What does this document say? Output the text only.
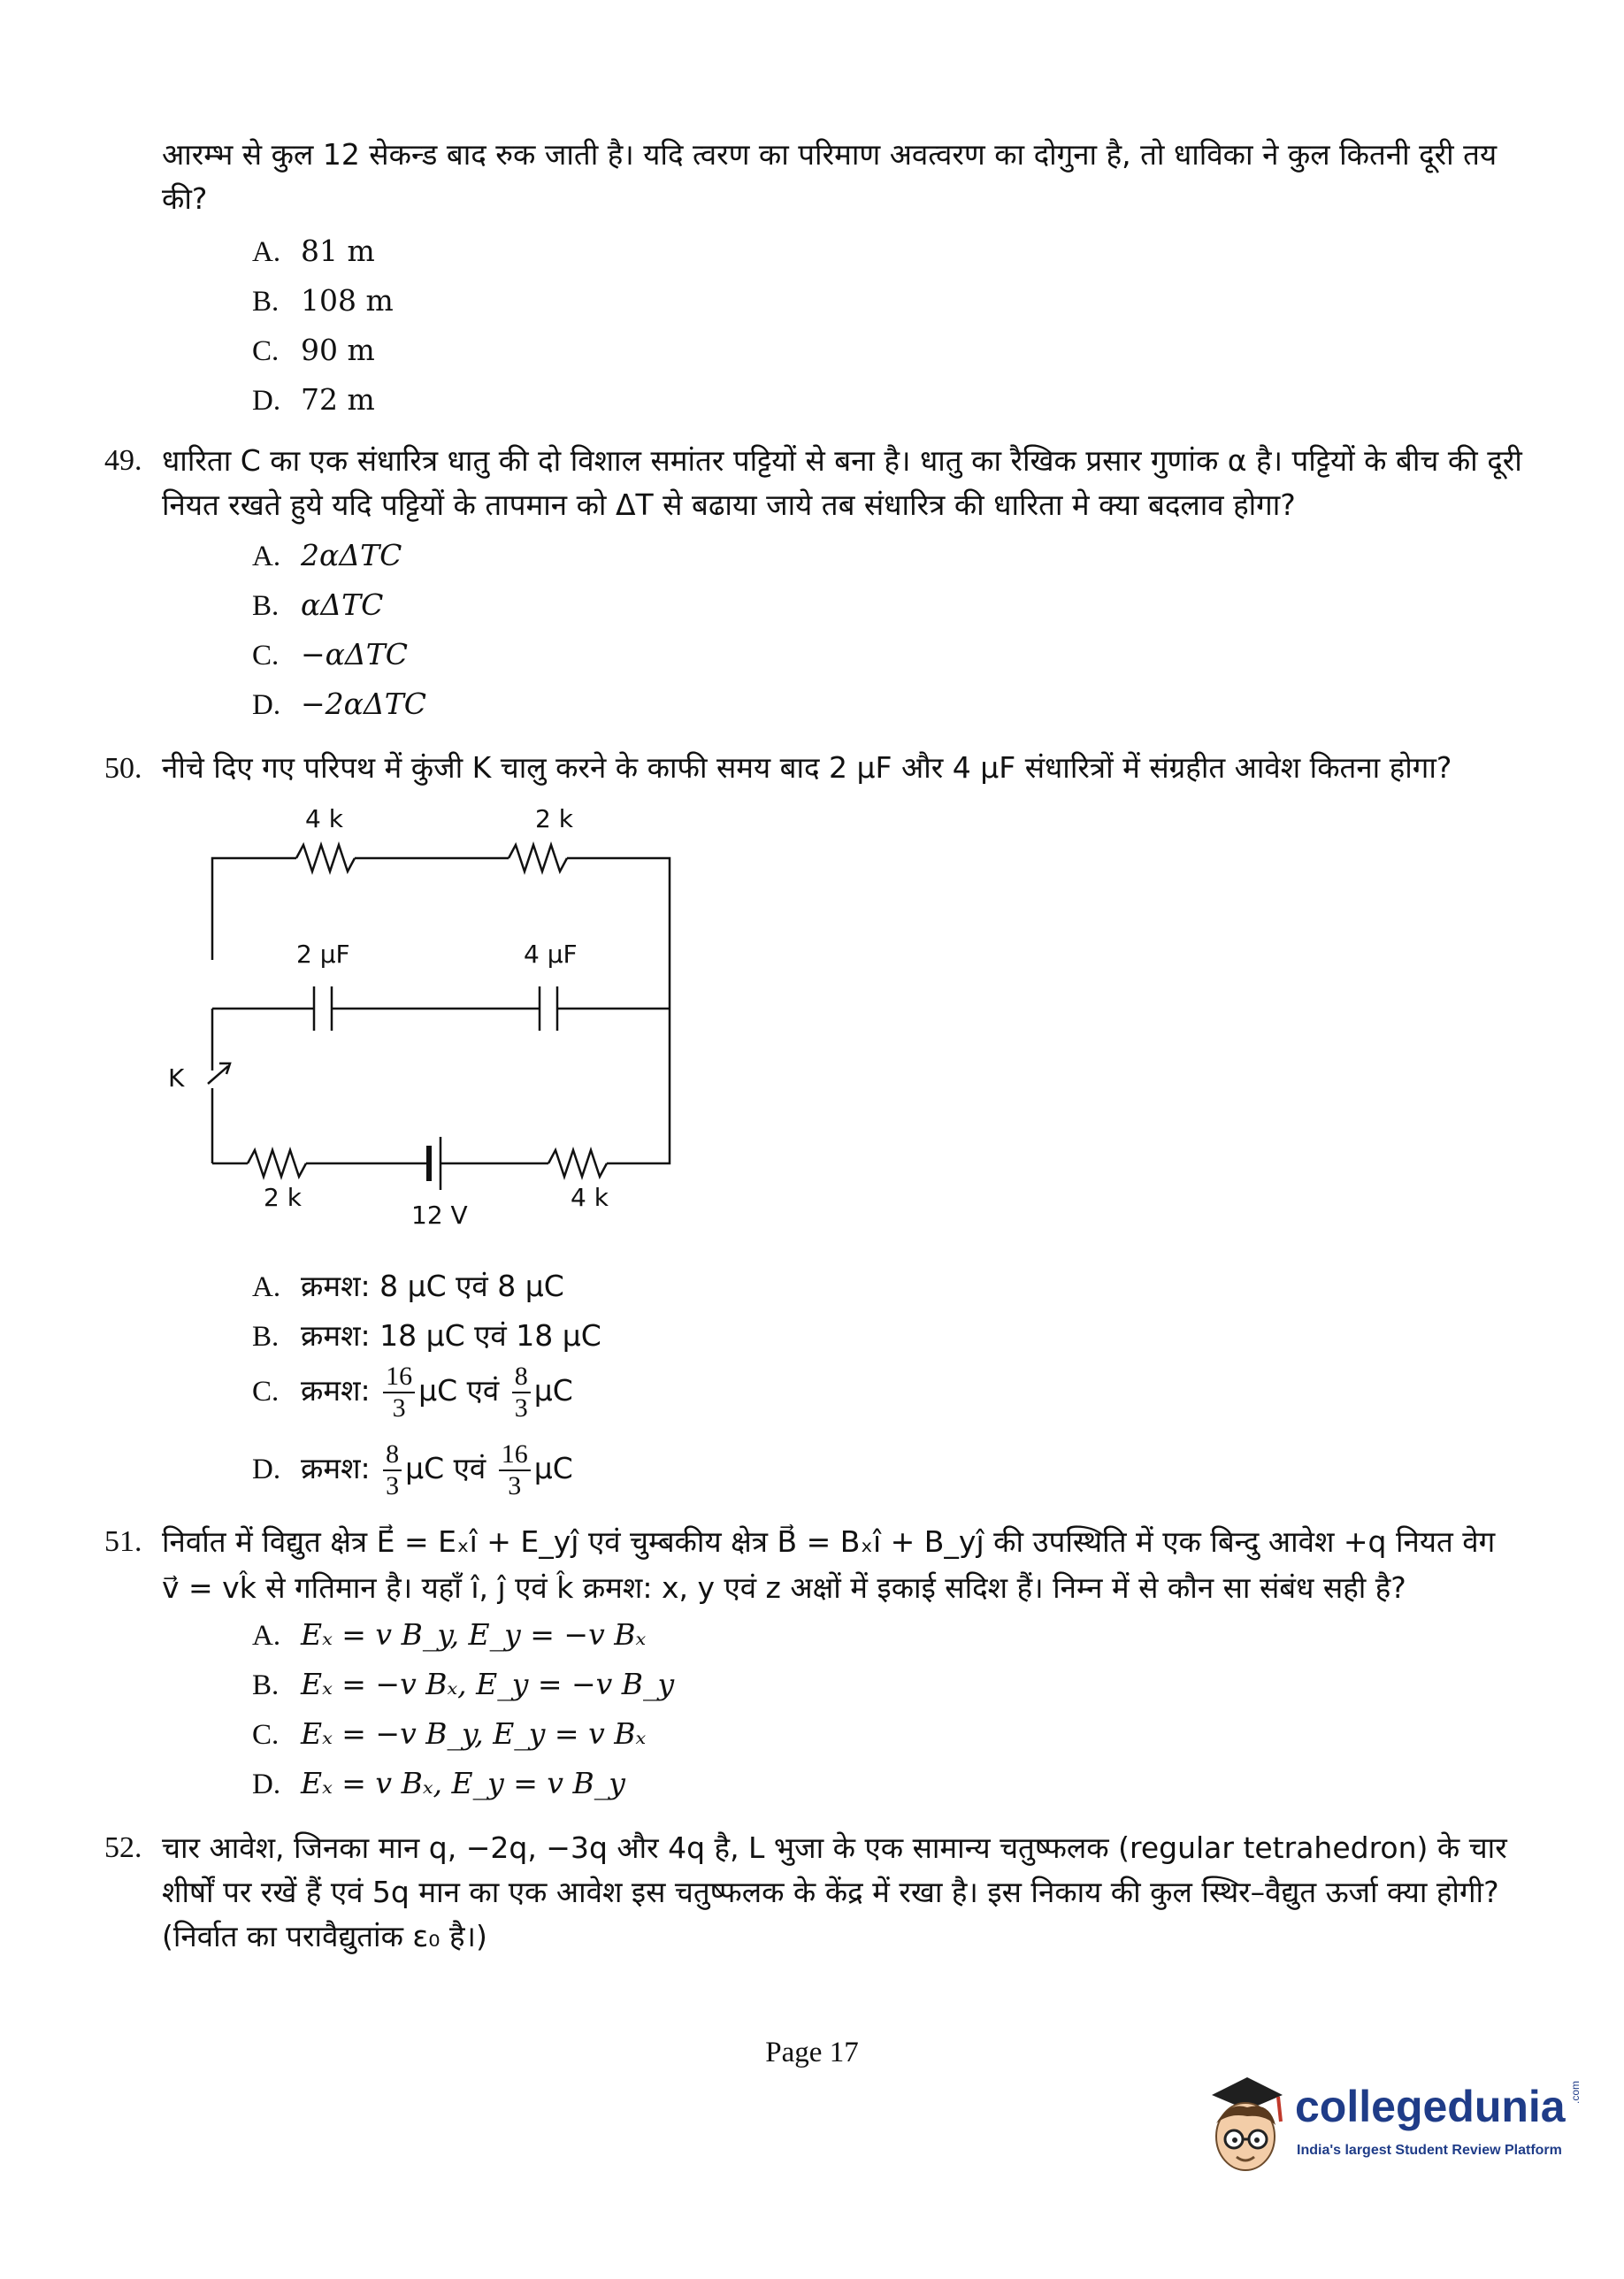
आरम्भ से कुल 12 सेकन्ड बाद रुक जाती है। यदि त्वरण का परिमाण अवत्वरण का दोगुना है, तो धाविका ने कुल कितनी दूरी तय की?
A. 81 m
B. 108 m
C. 90 m
D. 72 m
49. धारिता C का एक संधारित्र धातु की दो विशाल समांतर पट्टियों से बना है। धातु का रैखिक प्रसार गुणांक α है। पट्टियों के बीच की दूरी नियत रखते हुये यदि पट्टियों के तापमान को ΔT से बढाया जाये तब संधारित्र की धारिता मे क्या बदलाव होगा?
A. 2αΔTC
B. αΔTC
C. −αΔTC
D. −2αΔTC
50. नीचे दिए गए परिपथ में कुंजी K चालु करने के काफी समय बाद 2 μF और 4 μF संधारित्रों में संग्रहीत आवेश कितना होगा?
4 k	2 k
2 μF	4 μF
K
2 k
12 V
4 k
A. क्रमश: 8 μC एवं 8 μC
B. क्रमश: 18 μC एवं 18 μC
C. क्रमश: $\frac{16}{3}$ μC एवं $\frac{8}{3}$ μC
D. क्रमश: $\frac{8}{3}$ μC एवं $\frac{16}{3}$ μC
51. निर्वात में विद्युत क्षेत्र E⃗ = Eₓî + E_yĵ एवं चुम्बकीय क्षेत्र B⃗ = Bₓî + B_yĵ की उपस्थिति में एक बिन्दु आवेश +q नियत वेग
v⃗ = vk̂ से गतिमान है। यहाँ î, ĵ एवं k̂ क्रमश: x, y एवं z अक्षों में इकाई सदिश हैं। निम्न में से कौन सा संबंध सही है?
A. Eₓ = v B_y, E_y = −v Bₓ
B. Eₓ = −v Bₓ, E_y = −v B_y
C. Eₓ = −v B_y, E_y = v Bₓ
D. Eₓ = v Bₓ, E_y = v B_y
52. चार आवेश, जिनका मान q, −2q, −3q और 4q है, L भुजा के एक सामान्य चतुष्फलक (regular tetrahedron) के चार शीर्षों पर रखें हैं एवं 5q मान का एक आवेश इस चतुष्फलक के केंद्र में रखा है। इस निकाय की कुल स्थिर–वैद्युत ऊर्जा क्या होगी? (निर्वात का परावैद्युतांक ε₀ है।)
Page 17
collegedunia
India's largest Student Review Platform
.com
